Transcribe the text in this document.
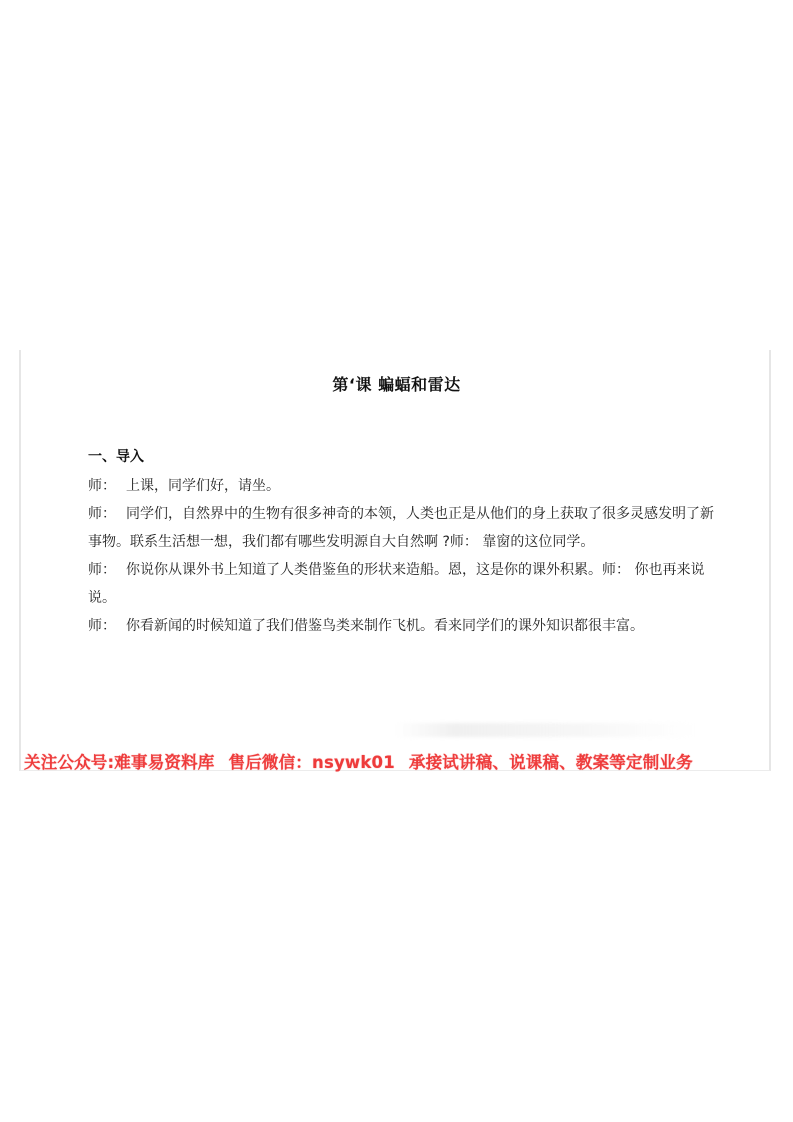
第‘课 蝙蝠和雷达
一、导入

师： 上课，同学们好，请坐。

师： 同学们，自然界中的生物有很多神奇的本领，人类也正是从他们的身上获取了很多灵感发明了新事物。联系生活想一想，我们都有哪些发明源自大自然啊 ?师： 靠窗的这位同学。

师： 你说你从课外书上知道了人类借鉴鱼的形状来造船。恩，这是你的课外积累。师： 你也再来说说。

师： 你看新闻的时候知道了我们借鉴鸟类来制作飞机。看来同学们的课外知识都很丰富。

关注公众号:难事易资料库 售后微信：nsywk01 承接试讲稿、说课稿、教案等定制业务
